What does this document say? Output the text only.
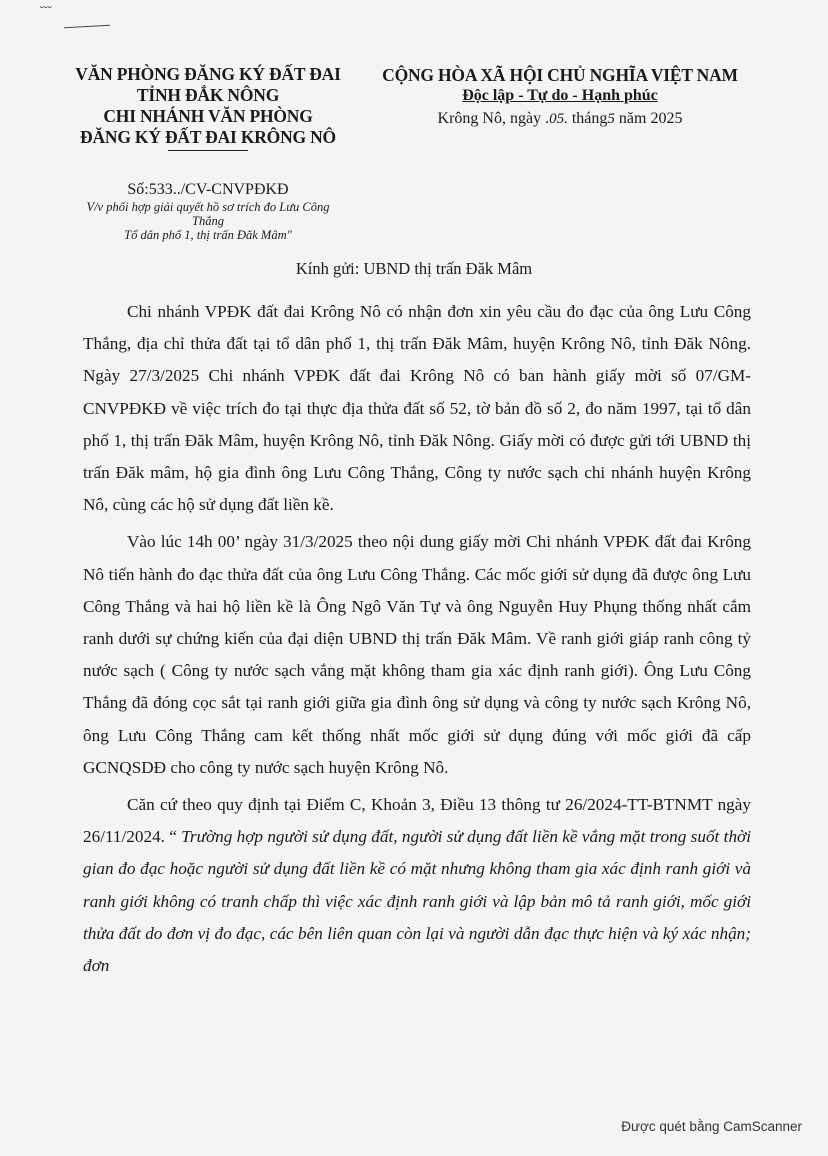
˘˘˘
VĂN PHÒNG ĐĂNG KÝ ĐẤT ĐAI
TỈNH ĐẮK NÔNG
CHI NHÁNH VĂN PHÒNG
ĐĂNG KÝ ĐẤT ĐAI KRÔNG NÔ
CỘNG HÒA XÃ HỘI CHỦ NGHĨA VIỆT NAM
Độc lập - Tự do - Hạnh phúc
Krông Nô, ngày .05. tháng5 năm 2025
Số:533../CV-CNVPĐKĐ
V/v phối hợp giải quyết hồ sơ trích đo Lưu Công
Thắng
Tổ dân phố 1, thị trấn Đăk Mâm"
Kính gửi: UBND thị trấn Đăk Mâm

Chi nhánh VPĐK đất đai Krông Nô có nhận đơn xin yêu cầu đo đạc của ông Lưu Công Thắng, địa chỉ thửa đất tại tổ dân phố 1, thị trấn Đăk Mâm, huyện Krông Nô, tỉnh Đăk Nông. Ngày 27/3/2025 Chi nhánh VPĐK đất đai Krông Nô có ban hành giấy mời số 07/GM-CNVPĐKĐ về việc trích đo tại thực địa thửa đất số 52, tờ bản đồ số 2, đo năm 1997, tại tổ dân phố 1, thị trấn Đăk Mâm, huyện Krông Nô, tỉnh Đăk Nông. Giấy mời có được gửi tới UBND thị trấn Đăk mâm, hộ gia đình ông Lưu Công Thắng, Công ty nước sạch chi nhánh huyện Krông Nô, cùng các hộ sử dụng đất liền kề.

Vào lúc 14h 00’ ngày 31/3/2025 theo nội dung giấy mời Chi nhánh VPĐK đất đai Krông Nô tiến hành đo đạc thửa đất của ông Lưu Công Thắng. Các mốc giới sử dụng đã được ông Lưu Công Thắng và hai hộ liền kề là Ông Ngô Văn Tự và ông Nguyễn Huy Phụng thống nhất cắm ranh dưới sự chứng kiến của đại diện UBND thị trấn Đăk Mâm. Về ranh giới giáp ranh công tỷ nước sạch ( Công ty nước sạch vắng mặt không tham gia xác định ranh giới). Ông Lưu Công Thắng đã đóng cọc sắt tại ranh giới giữa gia đình ông sử dụng và công ty nước sạch Krông Nô, ông Lưu Công Thắng cam kết thống nhất mốc giới sử dụng đúng với mốc giới đã cấp GCNQSDĐ cho công ty nước sạch huyện Krông Nô.

Căn cứ theo quy định tại Điểm C, Khoản 3, Điều 13 thông tư 26/2024-TT-BTNMT ngày 26/11/2024. “ Trường hợp người sử dụng đất, người sử dụng đất liền kề vắng mặt trong suốt thời gian đo đạc hoặc người sử dụng đất liền kề có mặt nhưng không tham gia xác định ranh giới và ranh giới không có tranh chấp thì việc xác định ranh giới và lập bản mô tả ranh giới, mốc giới thửa đất do đơn vị đo đạc, các bên liên quan còn lại và người dẫn đạc thực hiện và ký xác nhận; đơn

Được quét bằng CamScanner
